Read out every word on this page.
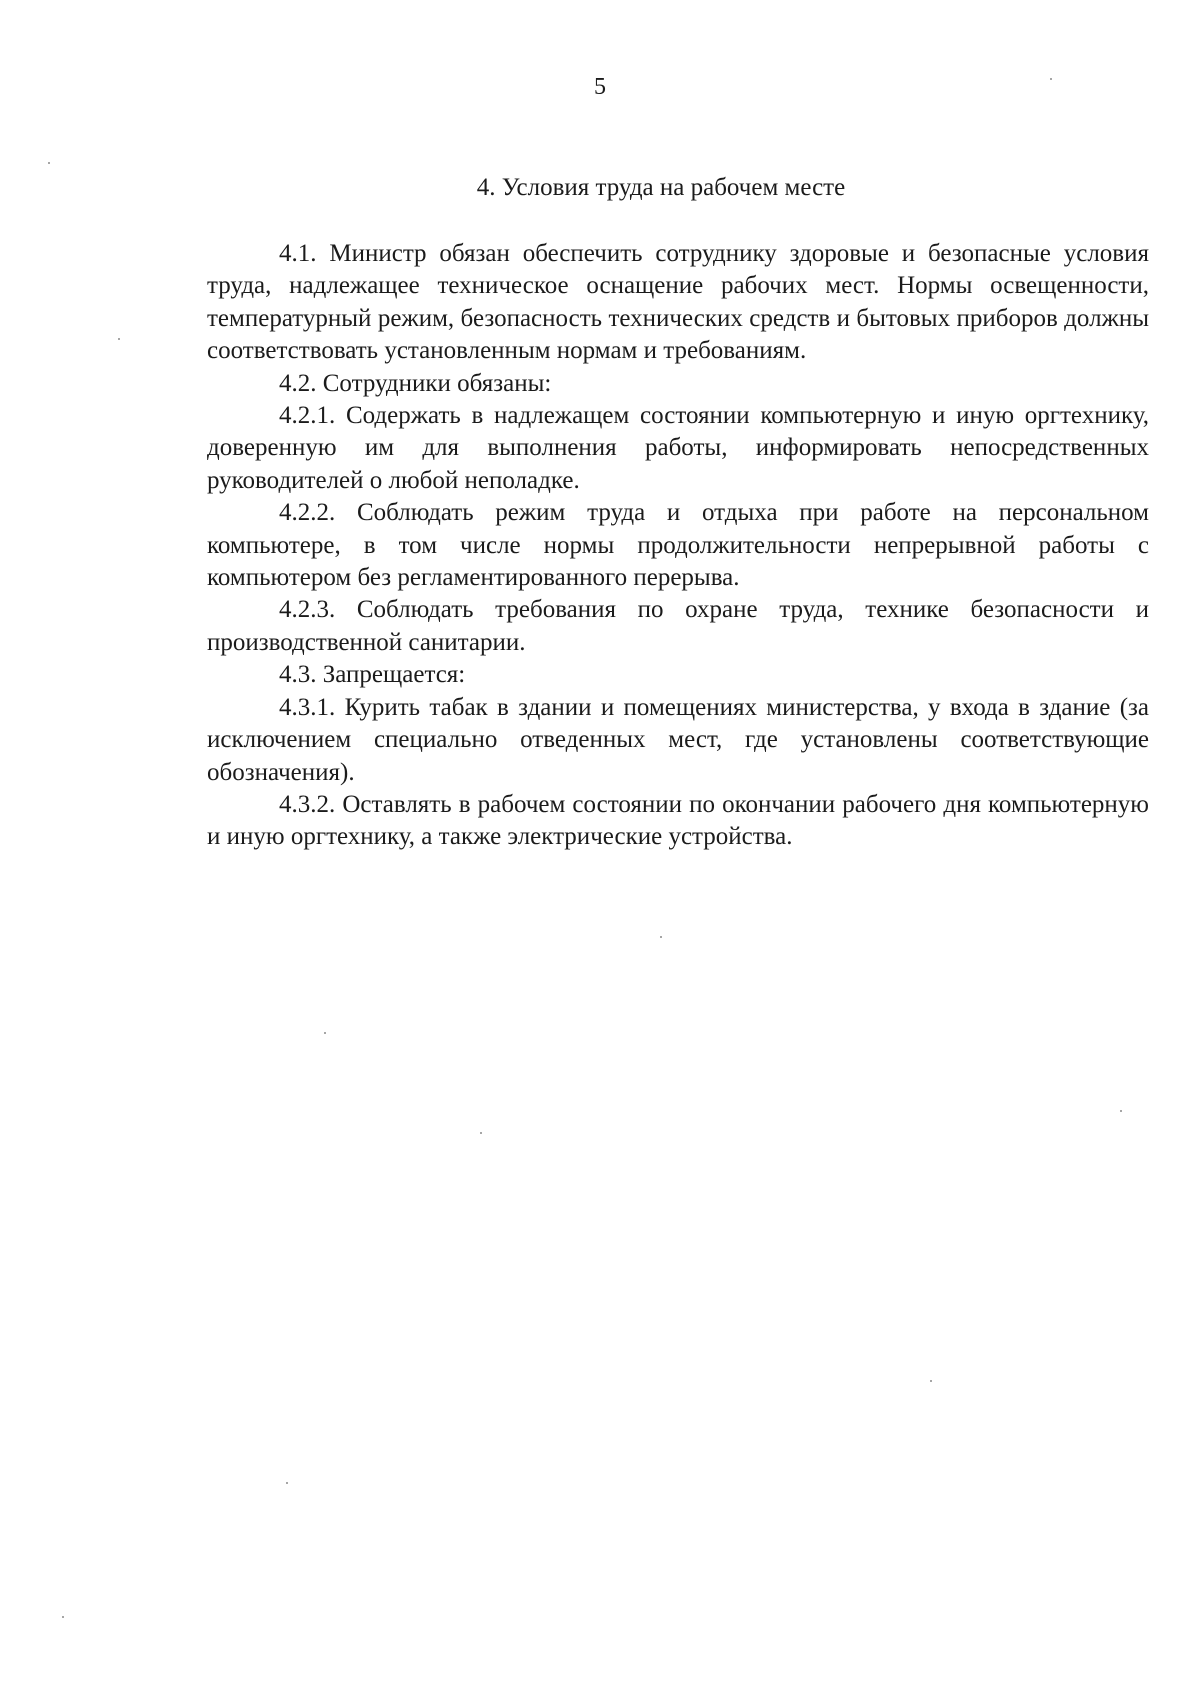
5
4. Условия труда на рабочем месте

4.1. Министр обязан обеспечить сотруднику здоровые и безопасные условия труда, надлежащее техническое оснащение рабочих мест. Нормы освещенности, температурный режим, безопасность технических средств и бытовых приборов должны соответствовать установленным нормам и требованиям.

4.2. Сотрудники обязаны:

4.2.1. Содержать в надлежащем состоянии компьютерную и иную оргтехнику, доверенную им для выполнения работы, информировать непосредственных руководителей о любой неполадке.

4.2.2. Соблюдать режим труда и отдыха при работе на персональном компьютере, в том числе нормы продолжительности непрерывной работы с компьютером без регламентированного перерыва.

4.2.3. Соблюдать требования по охране труда, технике безопасности и производственной санитарии.

4.3. Запрещается:

4.3.1. Курить табак в здании и помещениях министерства, у входа в здание (за исключением специально отведенных мест, где установлены соответствующие обозначения).

4.3.2. Оставлять в рабочем состоянии по окончании рабочего дня компьютерную и иную оргтехнику, а также электрические устройства.
